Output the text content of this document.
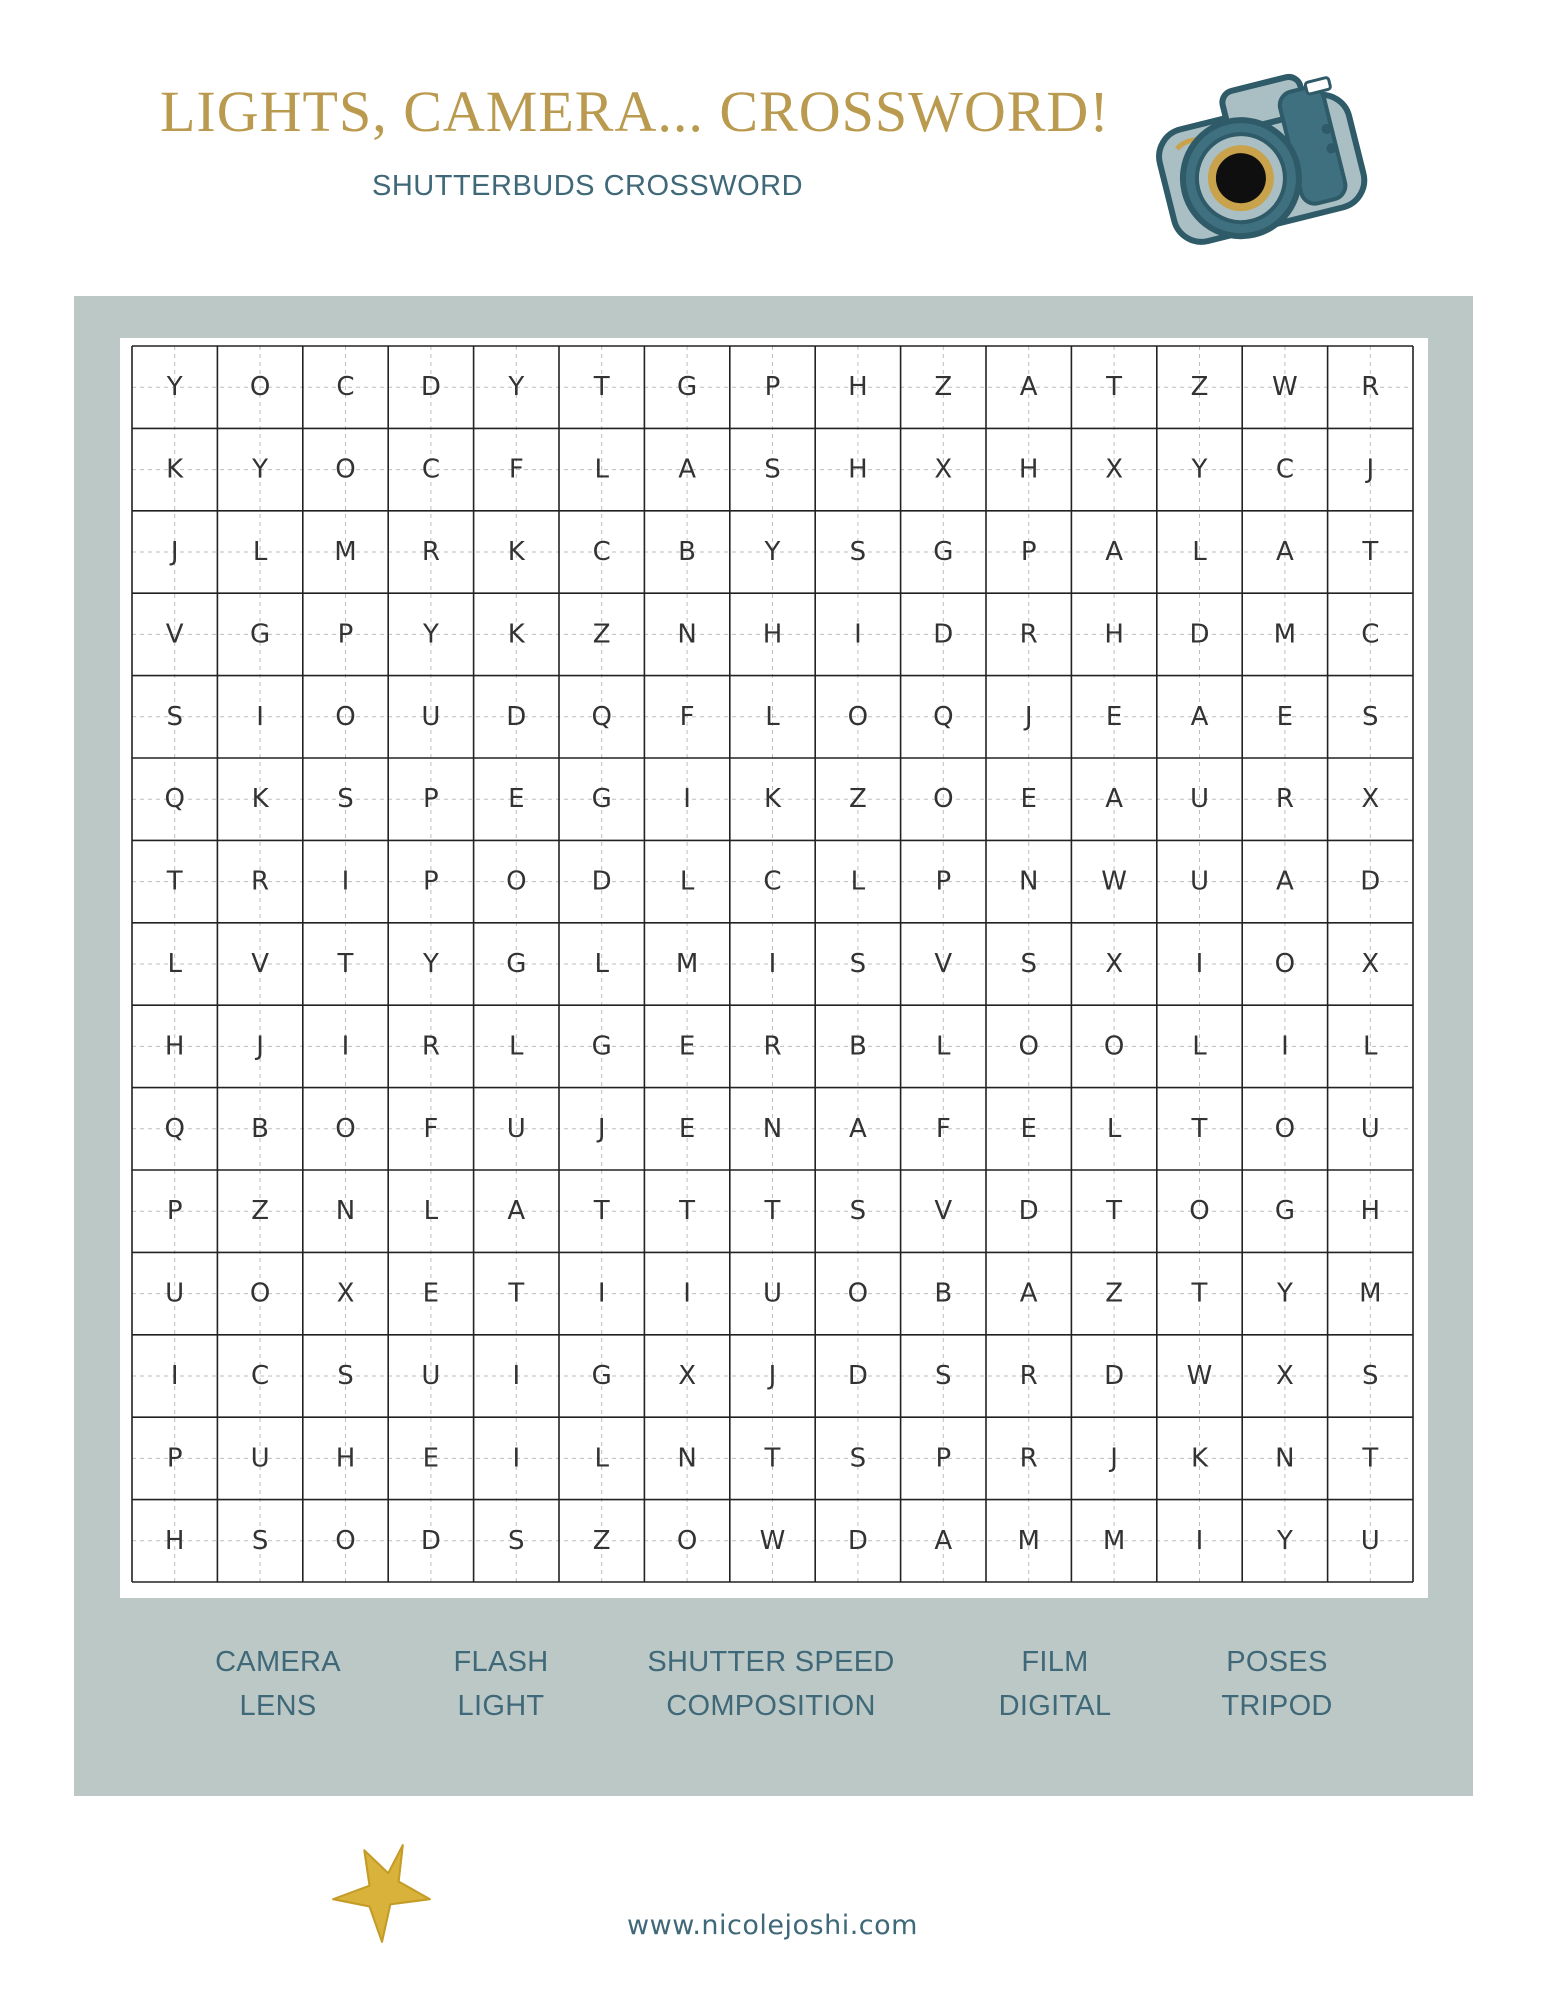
LIGHTS, CAMERA... CROSSWORD!
SHUTTERBUDS CROSSWORD
Y	O	C	D	Y	T	G	P	H	Z	A	T	Z W R
K	Y	O	C	F	L	A	S	H	X	H	X	Y	C	J
J	L	M	R	K	C	B	Y	S	G	P	A	L	A	T
V	G	P	Y	K	Z	N	H	I	D	R	H	D M	C
S	I	O	U	D	Q	F	L	O Q	J	E	A	E	S
Q	K	S	P	E	G	I	K	Z	O	E	A	U	R	X
T	R	I	P	O	D	L	C	L	P	N W U	A	D
L	V	T	Y	G	L	M	I	S	V	S	X	I	O	X
H	J	I	R	L	G	E	R	B	L	O O	L	I	L
Q	B	O	F	U	J	E	N	A	F	E	L	T	O	U
P	Z	N	L	A	T	T	T	S	V	D	T	O	G	H
U	O	X	E	T	I	I	U	O	B	A	Z	T	Y	M
I	C	S	U	I	G	X	J	D	S	R	D W X	S
P	U	H	E	I	L	N	T	S	P	R	J	K	N	T
H	S	O	D	S	Z	O W D	A	M M	I	Y	U
CAMERA
LENS
FLASH
LIGHT
SHUTTER SPEED
COMPOSITION
FILM
DIGITAL
POSES
TRIPOD
www.nicolejoshi.com
